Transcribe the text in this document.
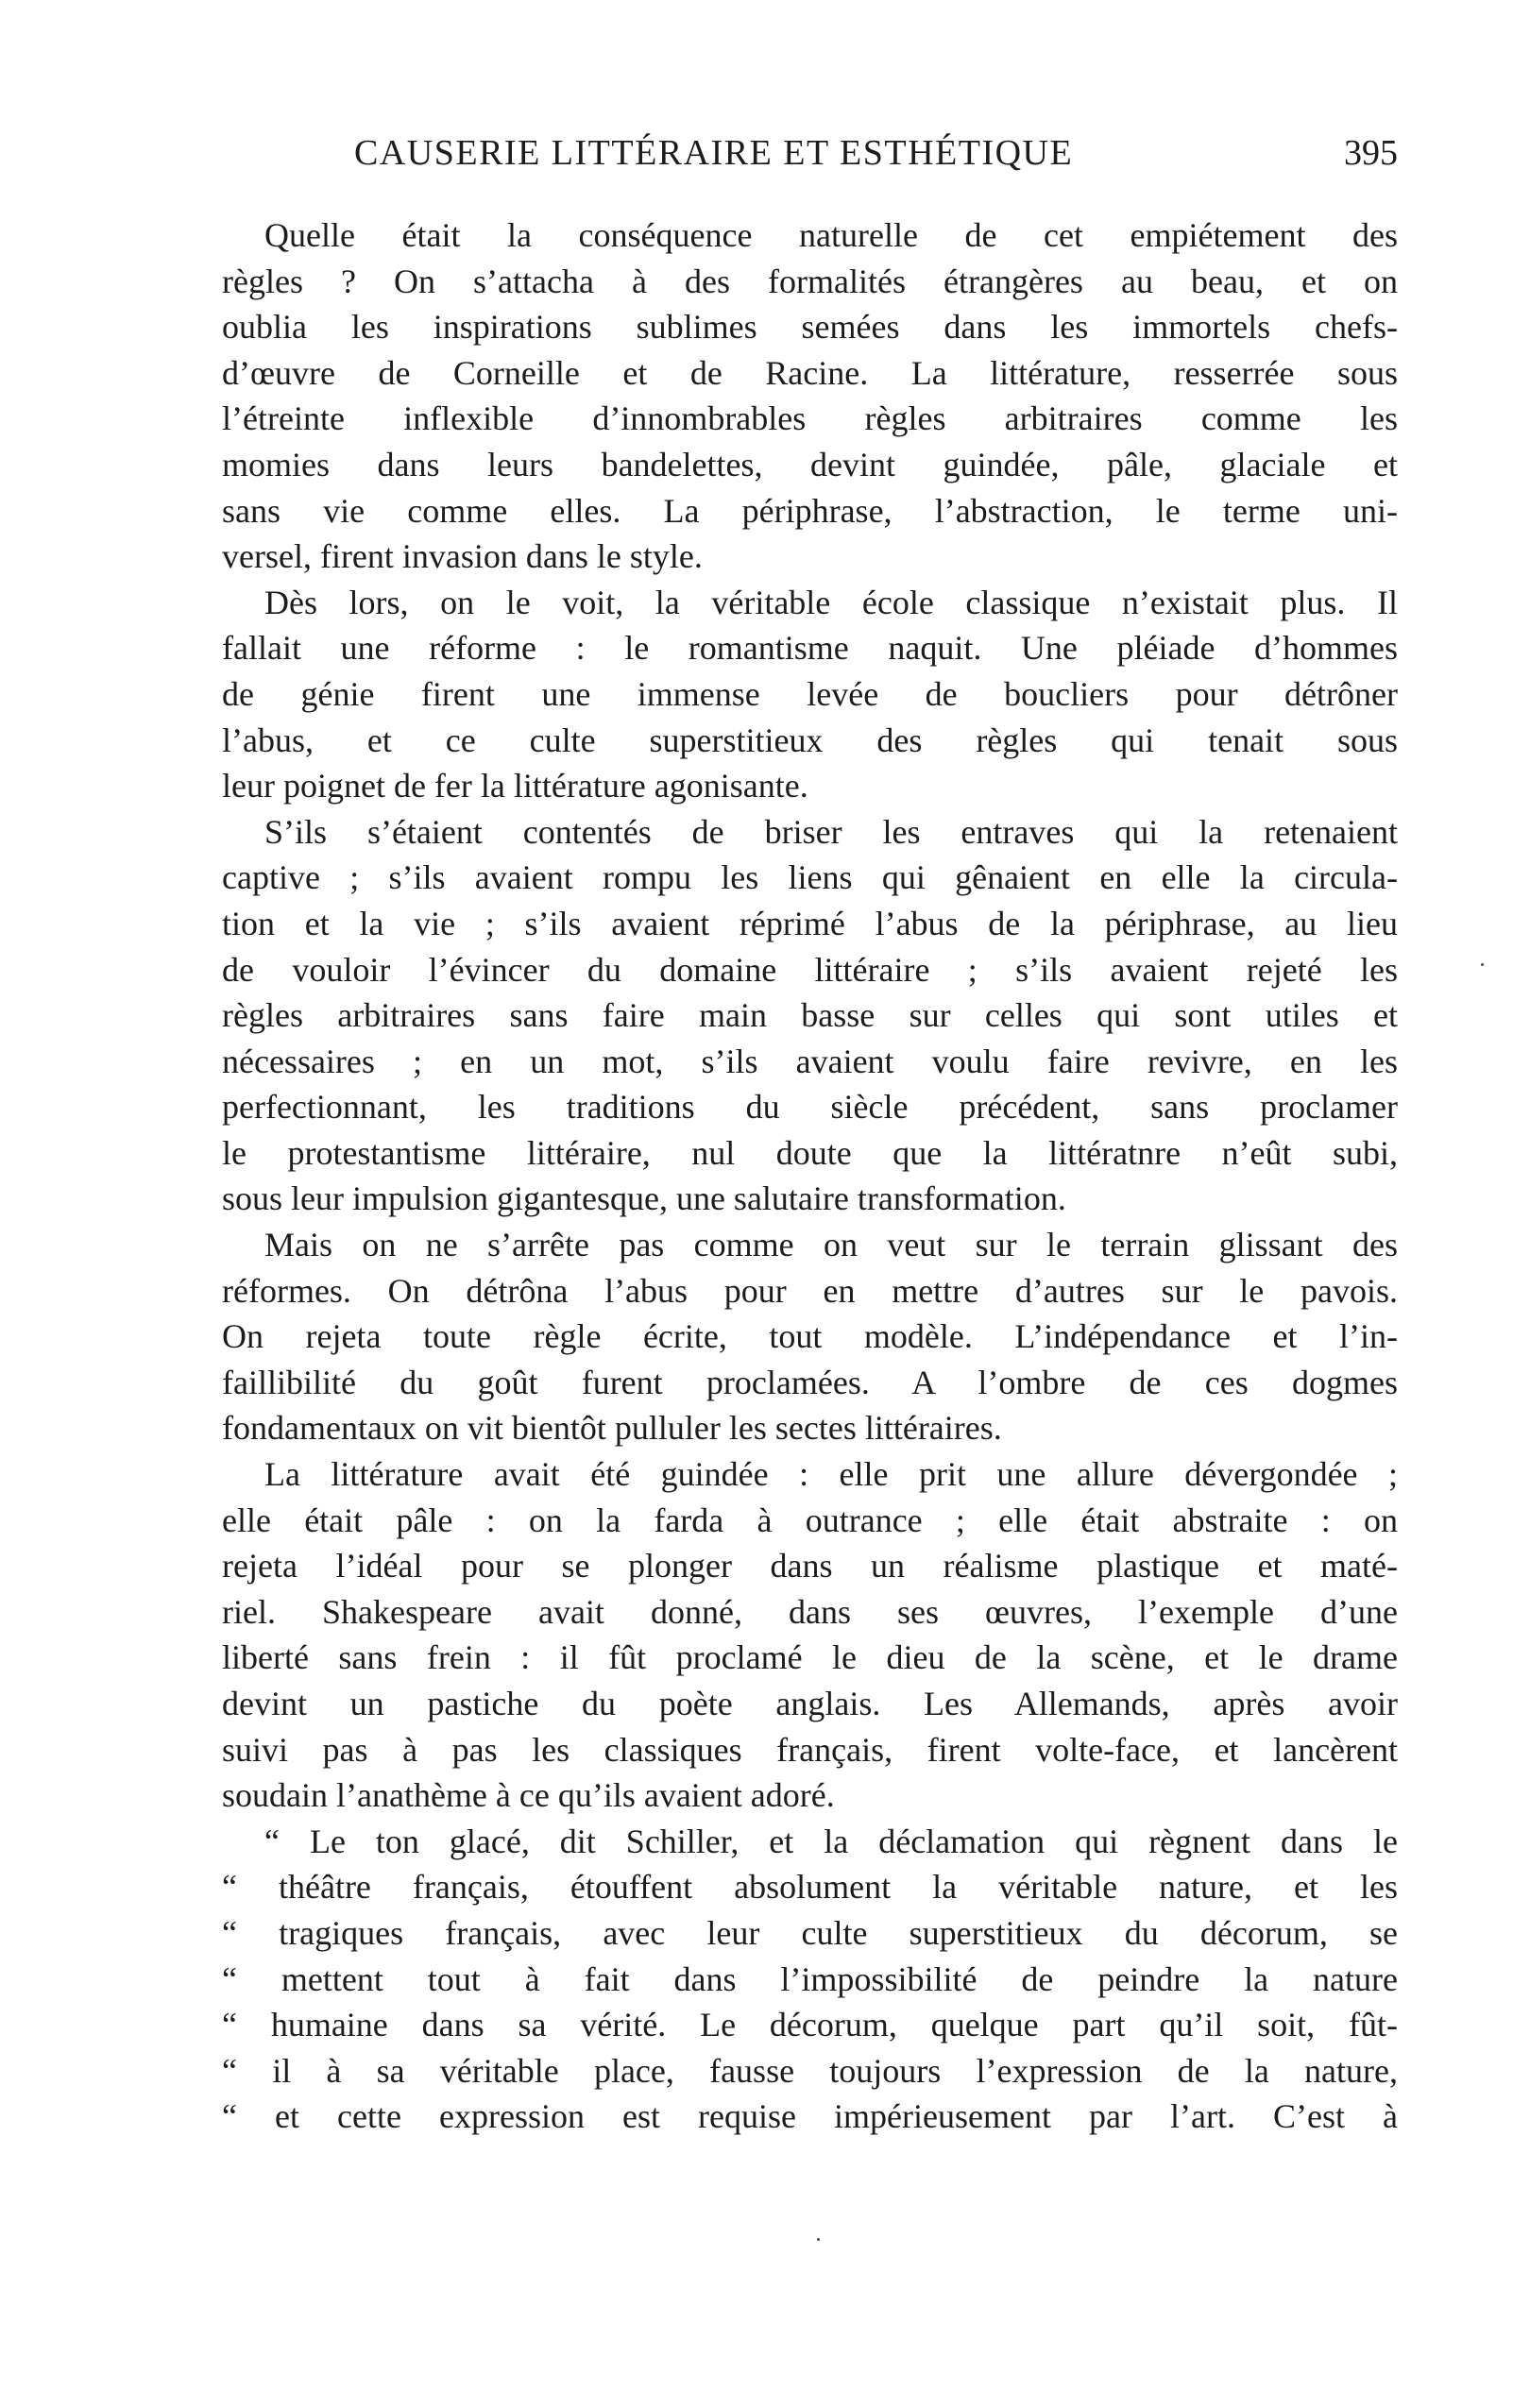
CAUSERIE LITTÉRAIRE ET ESTHÉTIQUE	395

Quelle était la conséquence naturelle de cet empiétement des
règles ? On s’attacha à des formalités étrangères au beau, et on
oublia les inspirations sublimes semées dans les immortels chefs-
d’œuvre de Corneille et de Racine. La littérature, resserrée sous
l’étreinte inflexible d’innombrables règles arbitraires comme les
momies dans leurs bandelettes, devint guindée, pâle, glaciale et
sans vie comme elles. La périphrase, l’abstraction, le terme uni-
versel, firent invasion dans le style.

Dès lors, on le voit, la véritable école classique n’existait plus. Il
fallait une réforme : le romantisme naquit. Une pléiade d’hommes
de génie firent une immense levée de boucliers pour détrôner
l’abus, et ce culte superstitieux des règles qui tenait sous
leur poignet de fer la littérature agonisante.

S’ils s’étaient contentés de briser les entraves qui la retenaient
captive ; s’ils avaient rompu les liens qui gênaient en elle la circula-
tion et la vie ; s’ils avaient réprimé l’abus de la périphrase, au lieu
de vouloir l’évincer du domaine littéraire ; s’ils avaient rejeté les
règles arbitraires sans faire main basse sur celles qui sont utiles et
nécessaires ; en un mot, s’ils avaient voulu faire revivre, en les
perfectionnant, les traditions du siècle précédent, sans proclamer
le protestantisme littéraire, nul doute que la littératnre n’eût subi,
sous leur impulsion gigantesque, une salutaire transformation.

Mais on ne s’arrête pas comme on veut sur le terrain glissant des
réformes. On détrôna l’abus pour en mettre d’autres sur le pavois.
On rejeta toute règle écrite, tout modèle. L’indépendance et l’in-
faillibilité du goût furent proclamées. A l’ombre de ces dogmes
fondamentaux on vit bientôt pulluler les sectes littéraires.

La littérature avait été guindée : elle prit une allure dévergondée ;
elle était pâle : on la farda à outrance ; elle était abstraite : on
rejeta l’idéal pour se plonger dans un réalisme plastique et maté-
riel. Shakespeare avait donné, dans ses œuvres, l’exemple d’une
liberté sans frein : il fût proclamé le dieu de la scène, et le drame
devint un pastiche du poète anglais. Les Allemands, après avoir
suivi pas à pas les classiques français, firent volte-face, et lancèrent
soudain l’anathème à ce qu’ils avaient adoré.

“ Le ton glacé, dit Schiller, et la déclamation qui règnent dans le
“ théâtre français, étouffent absolument la véritable nature, et les
“ tragiques français, avec leur culte superstitieux du décorum, se
“ mettent tout à fait dans l’impossibilité de peindre la nature
“ humaine dans sa vérité. Le décorum, quelque part qu’il soit, fût-
“ il à sa véritable place, fausse toujours l’expression de la nature,
“ et cette expression est requise impérieusement par l’art. C’est à
